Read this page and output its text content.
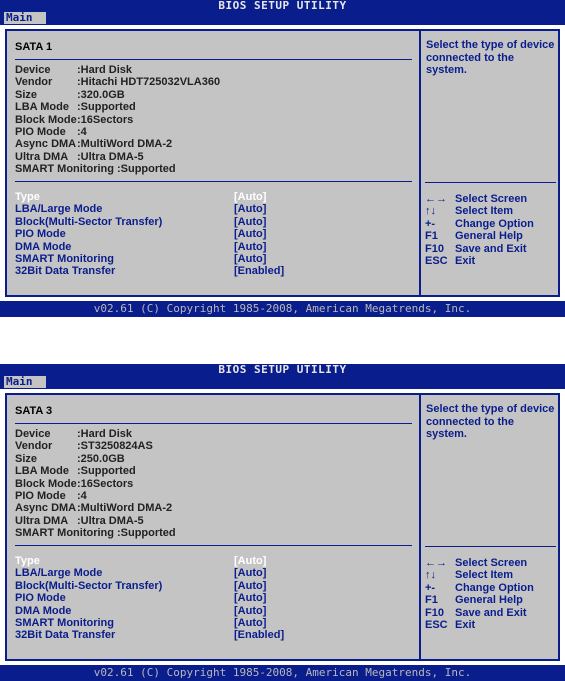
BIOS SETUP UTILITY
Main
SATA 1
Device	:Hard Disk
Vendor	:Hitachi HDT725032VLA360
Size	:320.0GB
LBA Mode :Supported
Block Mode :16Sectors
PIO Mode	:4
Async DMA :MultiWord DMA-2
Ultra DMA :Ultra DMA-5
SMART Monitoring :Supported
Type	[Auto]
LBA/Large Mode	[Auto]
Block(Multi-Sector Transfer)	[Auto]
PIO Mode	[Auto]
DMA Mode	[Auto]
SMART Monitoring	[Auto]
32Bit Data Transfer	[Enabled]
Select the type of device connected to the system.
←→ Select Screen
↑↓	Select Item
+-	Change Option
F1	General Help
F10	Save and Exit
ESC Exit
v02.61 (C) Copyright 1985-2008, American Megatrends, Inc.
BIOS SETUP UTILITY
Main
SATA 3
Device	:Hard Disk
Vendor	:ST3250824AS
Size	:250.0GB
LBA Mode :Supported
Block Mode :16Sectors
PIO Mode	:4
Async DMA :MultiWord DMA-2
Ultra DMA :Ultra DMA-5
SMART Monitoring :Supported
Type	[Auto]
LBA/Large Mode	[Auto]
Block(Multi-Sector Transfer)	[Auto]
PIO Mode	[Auto]
DMA Mode	[Auto]
SMART Monitoring	[Auto]
32Bit Data Transfer	[Enabled]
Select the type of device connected to the system.
←→ Select Screen
↑↓	Select Item
+-	Change Option
F1	General Help
F10	Save and Exit
ESC Exit
v02.61 (C) Copyright 1985-2008, American Megatrends, Inc.
